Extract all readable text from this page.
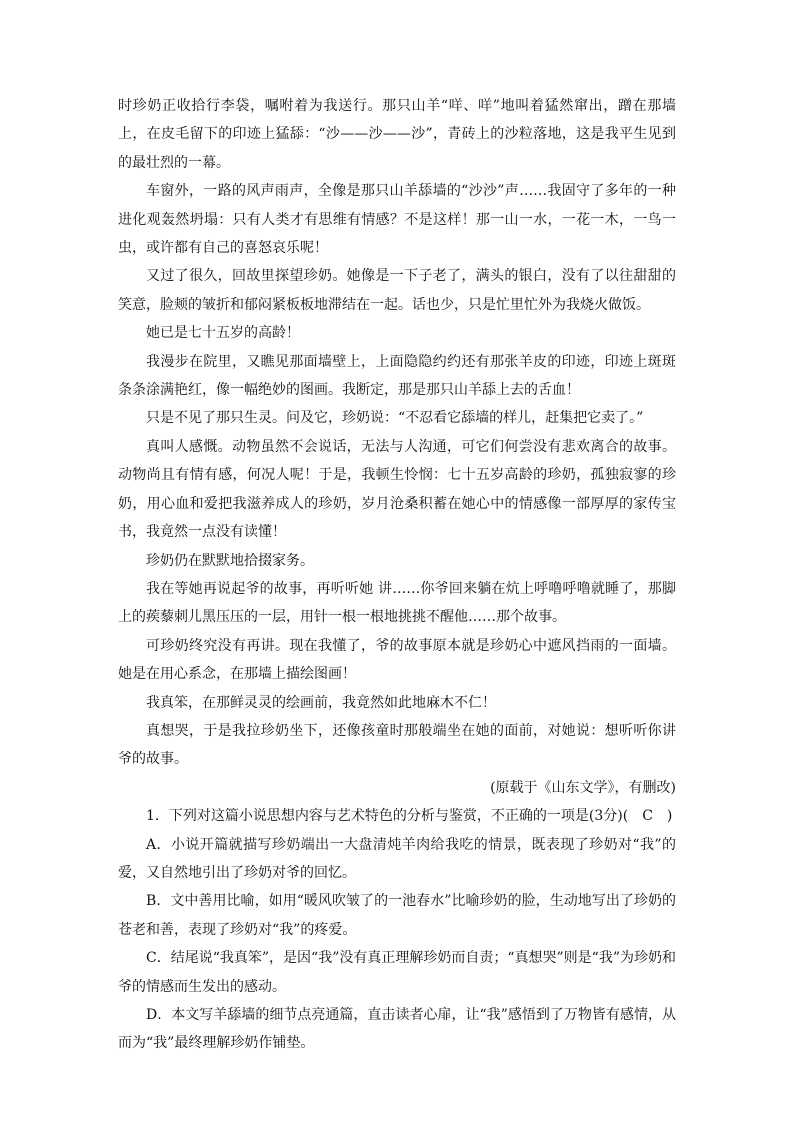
时珍奶正收拾行李袋，嘱咐着为我送行。那只山羊“咩、咩”地叫着猛然窜出，蹭在那墙上，在皮毛留下的印迹上猛舔：“沙——沙——沙”，青砖上的沙粒落地，这是我平生见到的最壮烈的一幕。

车窗外，一路的风声雨声，全像是那只山羊舔墙的“沙沙”声……我固守了多年的一种进化观轰然坍塌：只有人类才有思维有情感？不是这样！那一山一水，一花一木，一鸟一虫，或许都有自己的喜怒哀乐呢！

又过了很久，回故里探望珍奶。她像是一下子老了，满头的银白，没有了以往甜甜的笑意，脸颊的皱折和郁闷紧板板地滞结在一起。话也少，只是忙里忙外为我烧火做饭。

她已是七十五岁的高龄！

我漫步在院里，又瞧见那面墙壁上，上面隐隐约约还有那张羊皮的印迹，印迹上斑斑条条涂满艳红，像一幅绝妙的图画。我断定，那是那只山羊舔上去的舌血！

只是不见了那只生灵。问及它，珍奶说：“不忍看它舔墙的样儿，赶集把它卖了。”

真叫人感慨。动物虽然不会说话，无法与人沟通，可它们何尝没有悲欢离合的故事。动物尚且有情有感，何况人呢！于是，我顿生怜悯：七十五岁高龄的珍奶，孤独寂寥的珍奶，用心血和爱把我滋养成人的珍奶，岁月沧桑积蓄在她心中的情感像一部厚厚的家传宝书，我竟然一点没有读懂！

珍奶仍在默默地拾掇家务。

我在等她再说起爷的故事，再听听她 讲……你爷回来躺在炕上呼噜呼噜就睡了，那脚上的蒺藜刺儿黑压压的一层，用针一根一根地挑挑不醒他……那个故事。

可珍奶终究没有再讲。现在我懂了，爷的故事原本就是珍奶心中遮风挡雨的一面墙。她是在用心系念，在那墙上描绘图画！

我真笨，在那鲜灵灵的绘画前，我竟然如此地麻木不仁！

真想哭，于是我拉珍奶坐下，还像孩童时那般端坐在她的面前，对她说：想听听你讲爷的故事。

(原载于《山东文学》，有删改)

1．下列对这篇小说思想内容与艺术特色的分析与鉴赏，不正确的一项是(3分)(　C　)

A．小说开篇就描写珍奶端出一大盘清炖羊肉给我吃的情景，既表现了珍奶对“我”的爱，又自然地引出了珍奶对爷的回忆。

B．文中善用比喻，如用“暖风吹皱了的一池春水”比喻珍奶的脸，生动地写出了珍奶的苍老和善，表现了珍奶对“我”的疼爱。

C．结尾说“我真笨”，是因“我”没有真正理解珍奶而自责；“真想哭”则是“我”为珍奶和爷的情感而生发出的感动。

D．本文写羊舔墙的细节点亮通篇，直击读者心扉，让“我”感悟到了万物皆有感情，从而为“我”最终理解珍奶作铺垫。
